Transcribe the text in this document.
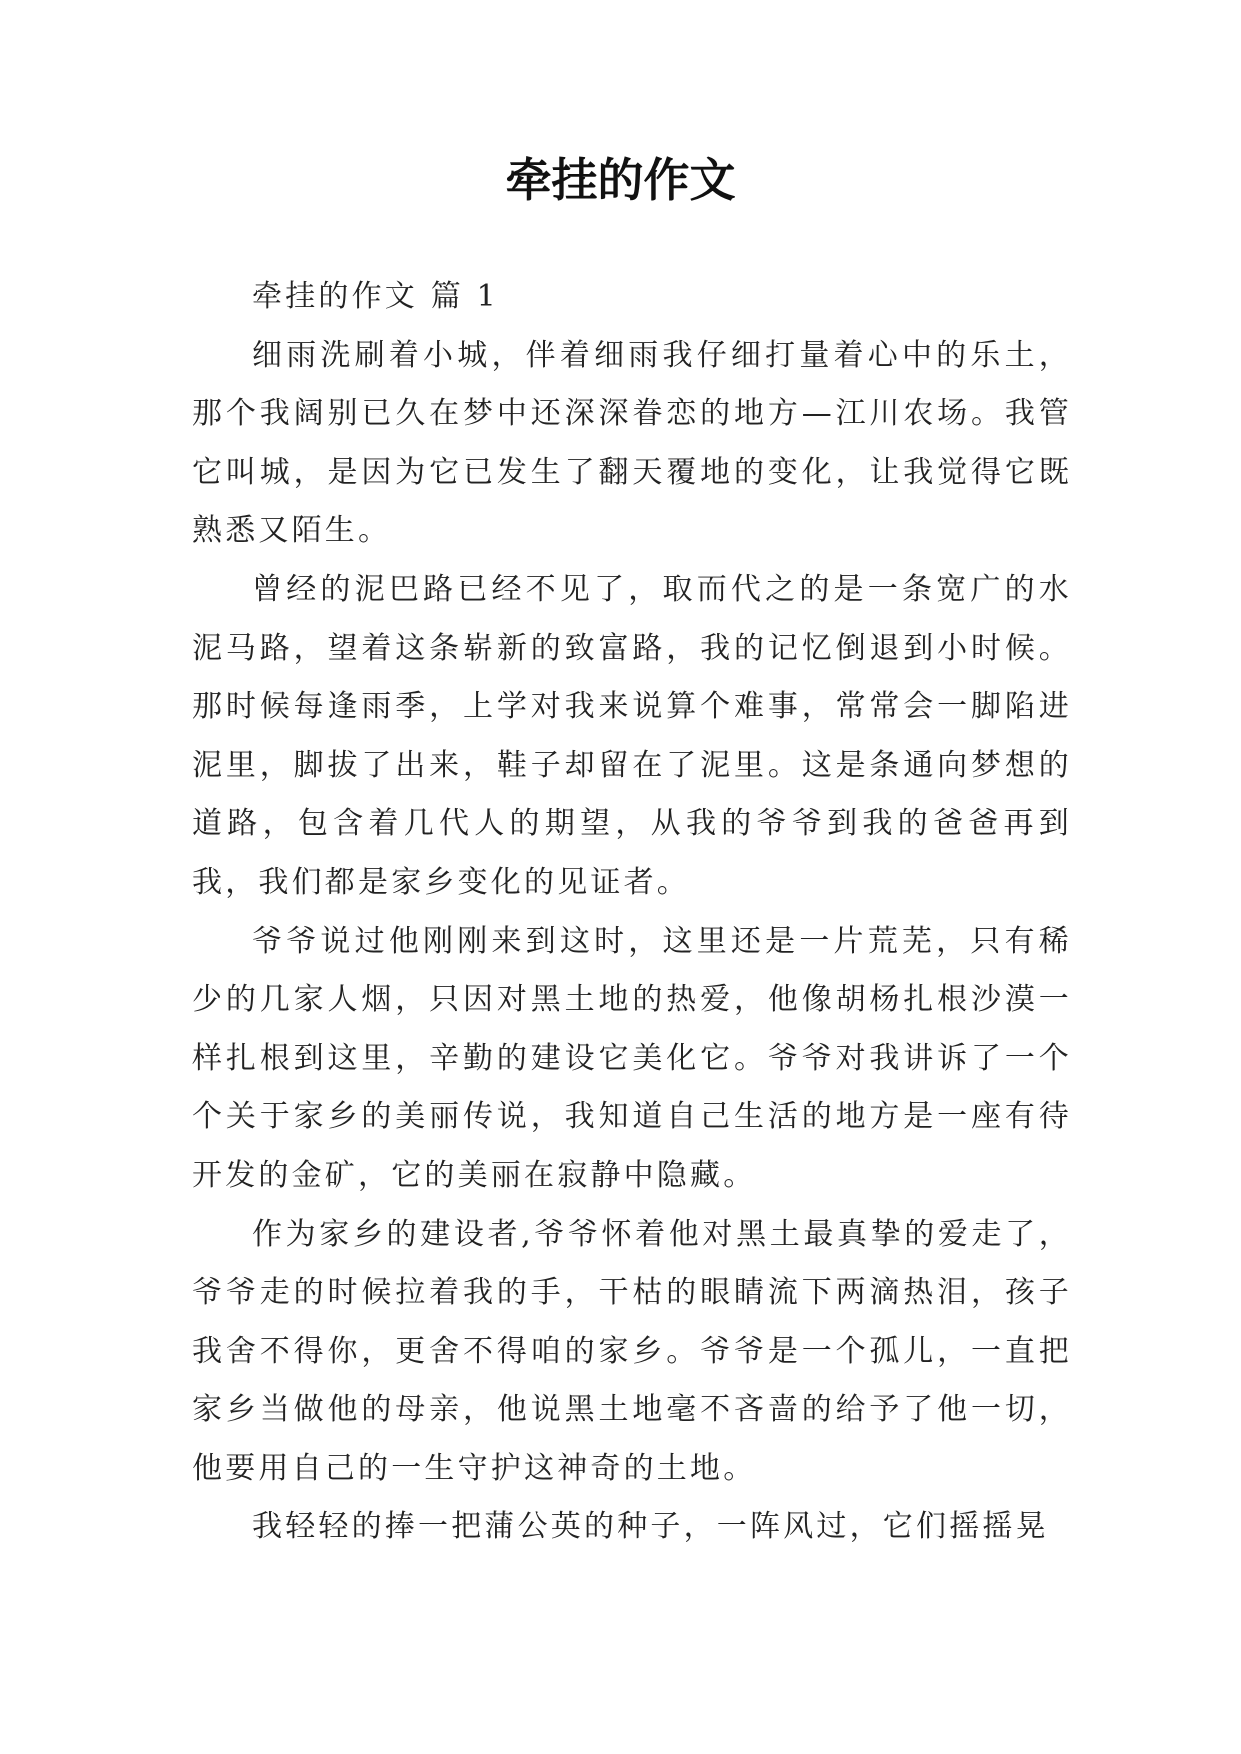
牵挂的作文

牵挂的作文 篇 1

细雨洗刷着小城，伴着细雨我仔细打量着心中的乐土，那个我阔别已久在梦中还深深眷恋的地方—江川农场。我管它叫城，是因为它已发生了翻天覆地的变化，让我觉得它既熟悉又陌生。

曾经的泥巴路已经不见了，取而代之的是一条宽广的水泥马路，望着这条崭新的致富路，我的记忆倒退到小时候。那时候每逢雨季，上学对我来说算个难事，常常会一脚陷进泥里，脚拔了出来，鞋子却留在了泥里。这是条通向梦想的道路，包含着几代人的期望，从我的爷爷到我的爸爸再到我，我们都是家乡变化的见证者。

爷爷说过他刚刚来到这时，这里还是一片荒芜，只有稀少的几家人烟，只因对黑土地的热爱，他像胡杨扎根沙漠一样扎根到这里，辛勤的建设它美化它。爷爷对我讲诉了一个个关于家乡的美丽传说，我知道自己生活的地方是一座有待开发的金矿，它的美丽在寂静中隐藏。

作为家乡的建设者,爷爷怀着他对黑土最真挚的爱走了，爷爷走的时候拉着我的手，干枯的眼睛流下两滴热泪，孩子我舍不得你，更舍不得咱的家乡。爷爷是一个孤儿，一直把家乡当做他的母亲，他说黑土地毫不吝啬的给予了他一切，他要用自己的一生守护这神奇的土地。

我轻轻的捧一把蒲公英的种子，一阵风过，它们摇摇晃
